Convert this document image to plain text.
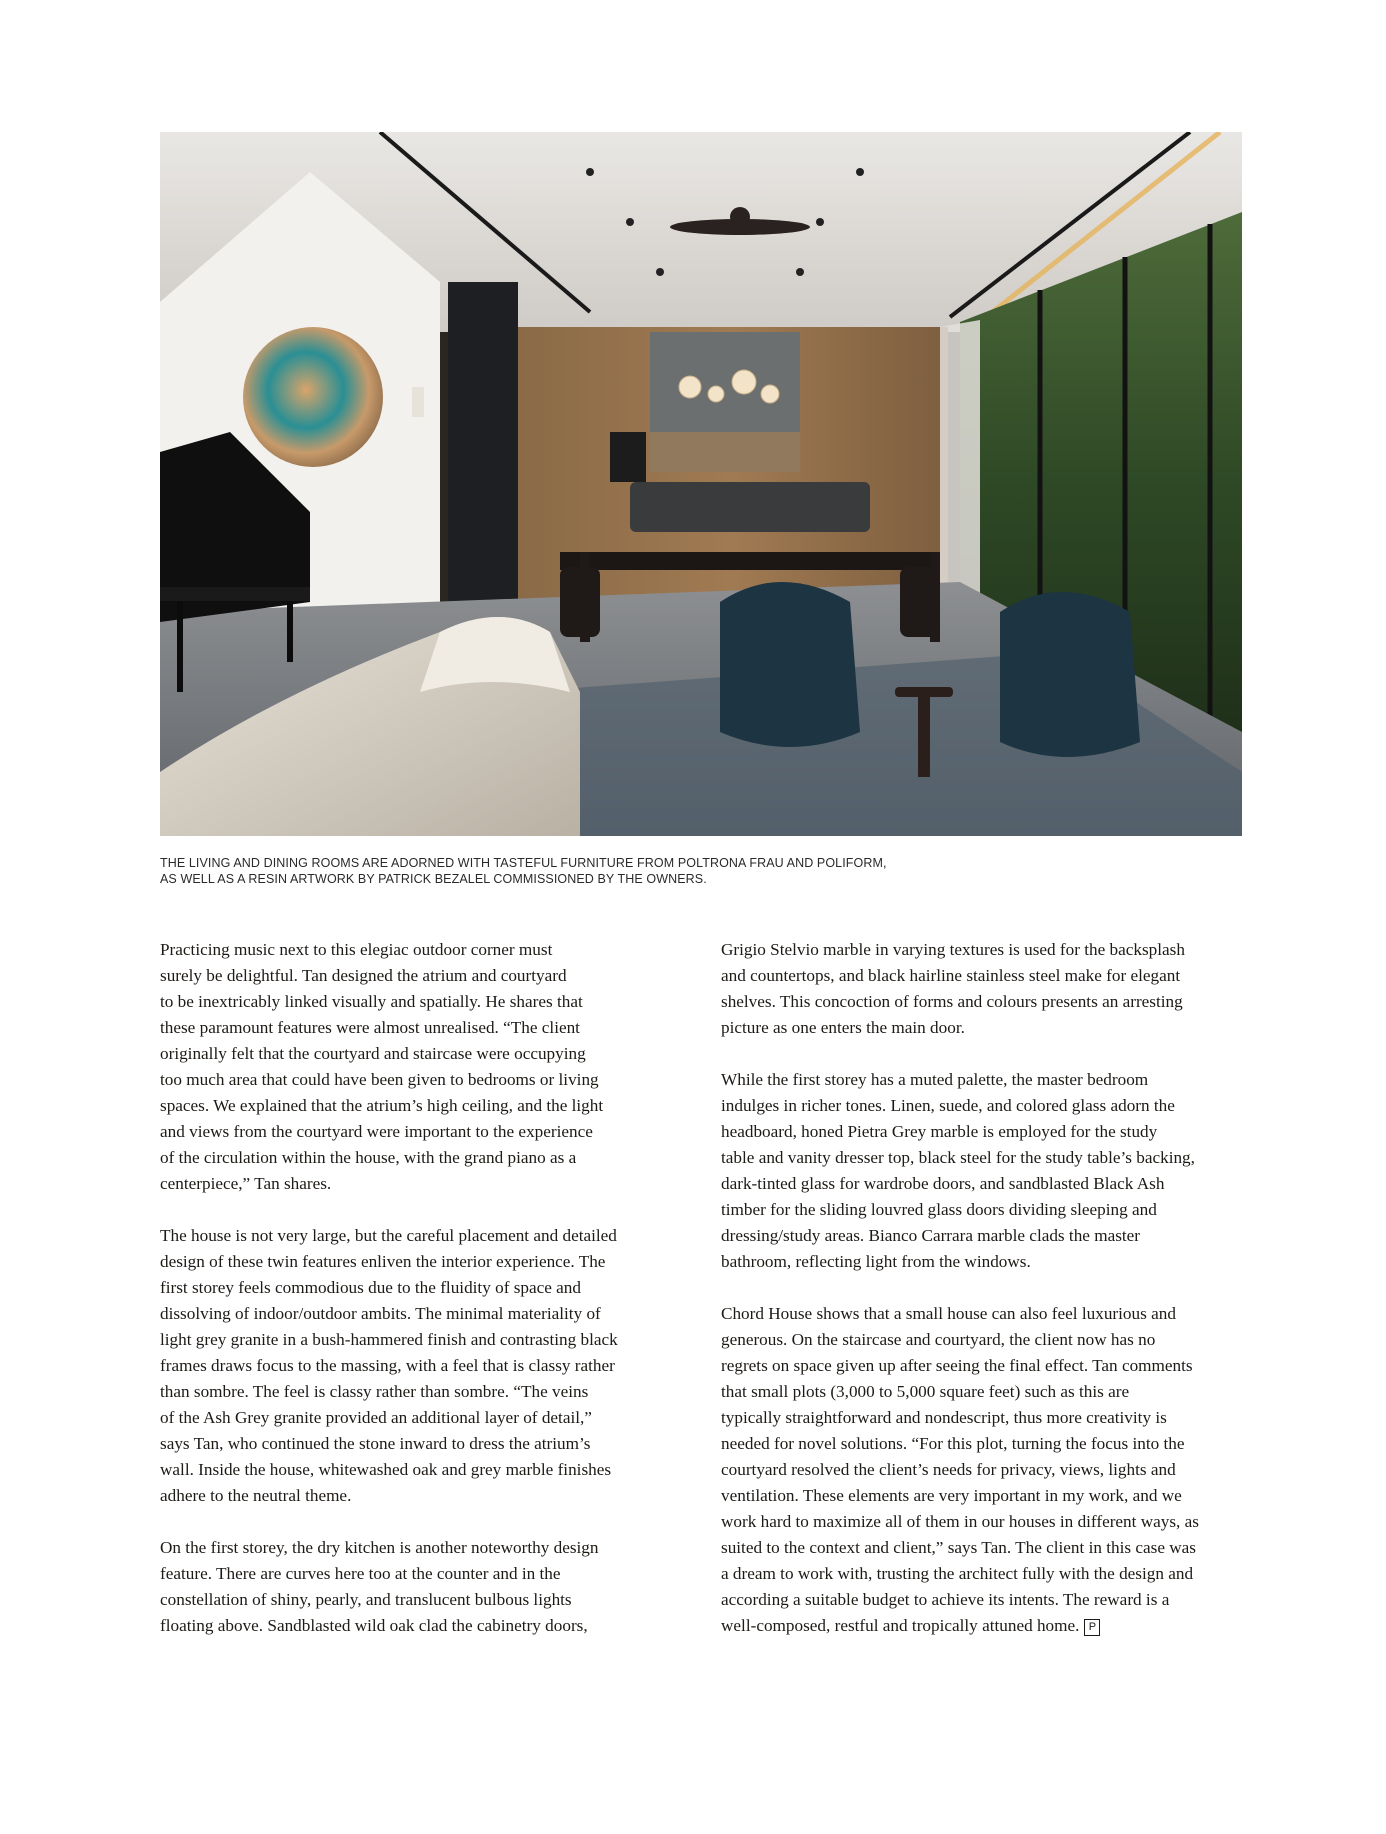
THE LIVING AND DINING ROOMS ARE ADORNED WITH TASTEFUL FURNITURE FROM POLTRONA FRAU AND POLIFORM,
AS WELL AS A RESIN ARTWORK BY PATRICK BEZALEL COMMISSIONED BY THE OWNERS.

Practicing music next to this elegiac outdoor corner must
surely be delightful. Tan designed the atrium and courtyard
to be inextricably linked visually and spatially. He shares that
these paramount features were almost unrealised. “The client
originally felt that the courtyard and staircase were occupying
too much area that could have been given to bedrooms or living
spaces. We explained that the atrium’s high ceiling, and the light
and views from the courtyard were important to the experience
of the circulation within the house, with the grand piano as a
centerpiece,” Tan shares.

The house is not very large, but the careful placement and detailed
design of these twin features enliven the interior experience. The
first storey feels commodious due to the fluidity of space and
dissolving of indoor/outdoor ambits. The minimal materiality of
light grey granite in a bush-hammered finish and contrasting black
frames draws focus to the massing, with a feel that is classy rather
than sombre. The feel is classy rather than sombre. “The veins
of the Ash Grey granite provided an additional layer of detail,”
says Tan, who continued the stone inward to dress the atrium’s
wall. Inside the house, whitewashed oak and grey marble finishes
adhere to the neutral theme.

On the first storey, the dry kitchen is another noteworthy design
feature. There are curves here too at the counter and in the
constellation of shiny, pearly, and translucent bulbous lights
floating above. Sandblasted wild oak clad the cabinetry doors,

Grigio Stelvio marble in varying textures is used for the backsplash
and countertops, and black hairline stainless steel make for elegant
shelves. This concoction of forms and colours presents an arresting
picture as one enters the main door.

While the first storey has a muted palette, the master bedroom
indulges in richer tones. Linen, suede, and colored glass adorn the
headboard, honed Pietra Grey marble is employed for the study
table and vanity dresser top, black steel for the study table’s backing,
dark-tinted glass for wardrobe doors, and sandblasted Black Ash
timber for the sliding louvred glass doors dividing sleeping and
dressing/study areas. Bianco Carrara marble clads the master
bathroom, reflecting light from the windows.

Chord House shows that a small house can also feel luxurious and
generous. On the staircase and courtyard, the client now has no
regrets on space given up after seeing the final effect. Tan comments
that small plots (3,000 to 5,000 square feet) such as this are
typically straightforward and nondescript, thus more creativity is
needed for novel solutions. “For this plot, turning the focus into the
courtyard resolved the client’s needs for privacy, views, lights and
ventilation. These elements are very important in my work, and we
work hard to maximize all of them in our houses in different ways, as
suited to the context and client,” says Tan. The client in this case was
a dream to work with, trusting the architect fully with the design and
according a suitable budget to achieve its intents. The reward is a
well-composed, restful and tropically attuned home. P
